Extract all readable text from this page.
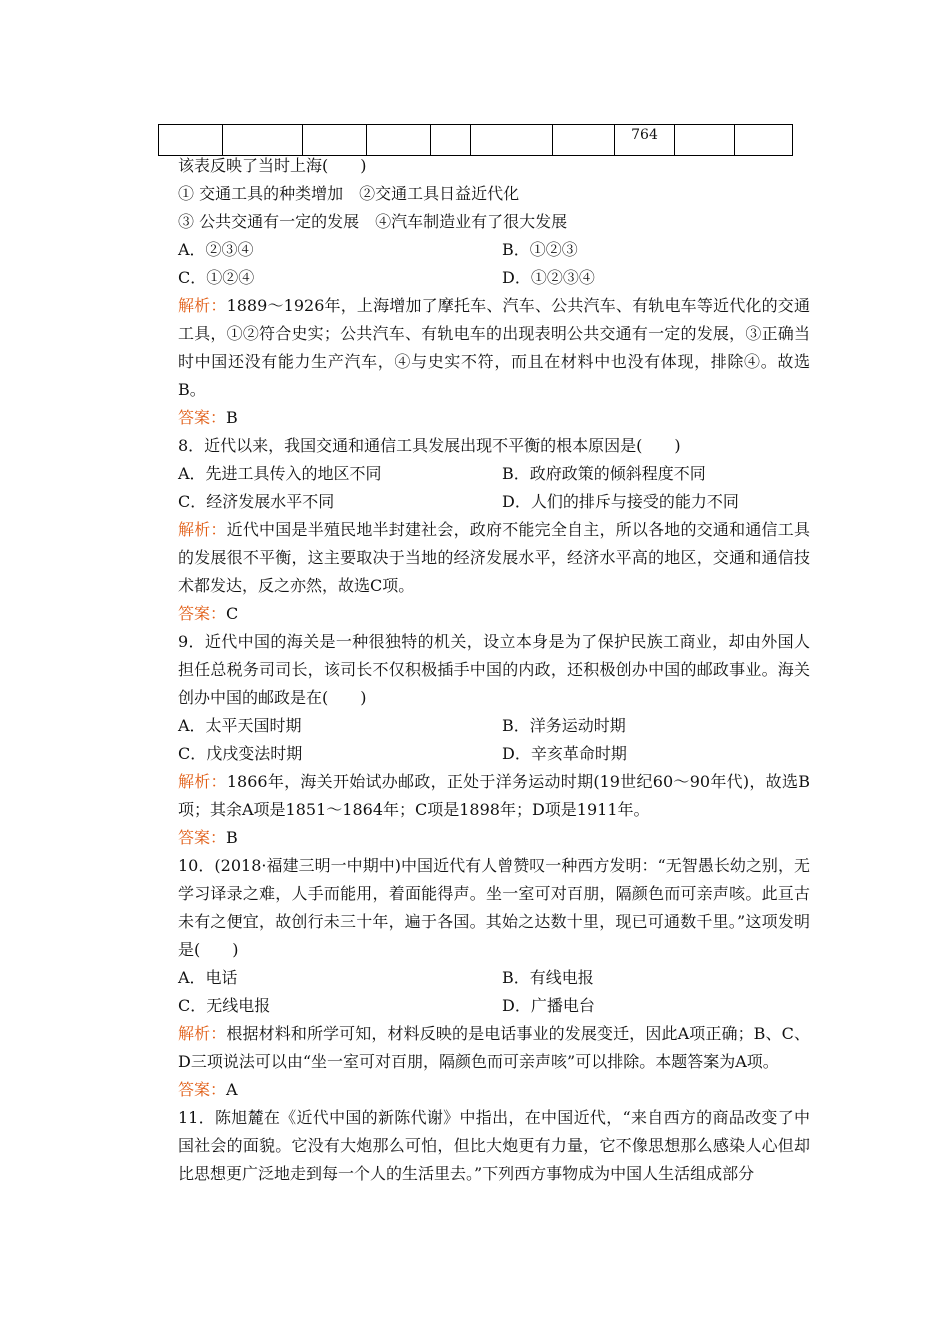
							764		
该表反映了当时上海(　　)
① 交通工具的种类增加　②交通工具日益近代化
③ 公共交通有一定的发展　④汽车制造业有了很大发展
A．②③④	B．①②③
C．①②④	D．①②③④
解析：1889～1926年，上海增加了摩托车、汽车、公共汽车、有轨电车等近代化的交通工具，①②符合史实；公共汽车、有轨电车的出现表明公共交通有一定的发展，③正确当时中国还没有能力生产汽车，④与史实不符，而且在材料中也没有体现，排除④。故选B。
答案：B
8．近代以来，我国交通和通信工具发展出现不平衡的根本原因是(　　)
A．先进工具传入的地区不同	B．政府政策的倾斜程度不同
C．经济发展水平不同	D．人们的排斥与接受的能力不同
解析：近代中国是半殖民地半封建社会，政府不能完全自主，所以各地的交通和通信工具的发展很不平衡，这主要取决于当地的经济发展水平，经济水平高的地区，交通和通信技术都发达，反之亦然，故选C项。
答案：C
9．近代中国的海关是一种很独特的机关，设立本身是为了保护民族工商业，却由外国人担任总税务司司长，该司长不仅积极插手中国的内政，还积极创办中国的邮政事业。海关创办中国的邮政是在(　　)
A．太平天国时期	B．洋务运动时期
C．戊戌变法时期	D．辛亥革命时期
解析：1866年，海关开始试办邮政，正处于洋务运动时期(19世纪60～90年代)，故选B项；其余A项是1851～1864年；C项是1898年；D项是1911年。
答案：B
10．(2018·福建三明一中期中)中国近代有人曾赞叹一种西方发明：“无智愚长幼之别，无学习译录之难，人手而能用，着面能得声。坐一室可对百朋，隔颜色而可亲声咳。此亘古未有之便宜，故创行未三十年，遍于各国。其始之达数十里，现已可通数千里。”这项发明是(　　)
A．电话	B．有线电报
C．无线电报	D．广播电台
解析：根据材料和所学可知，材料反映的是电话事业的发展变迁，因此A项正确；B、C、D三项说法可以由“坐一室可对百朋，隔颜色而可亲声咳”可以排除。本题答案为A项。
答案：A
11．陈旭麓在《近代中国的新陈代谢》中指出，在中国近代，“来自西方的商品改变了中国社会的面貌。它没有大炮那么可怕，但比大炮更有力量，它不像思想那么感染人心但却比思想更广泛地走到每一个人的生活里去。”下列西方事物成为中国人生活组成部分
